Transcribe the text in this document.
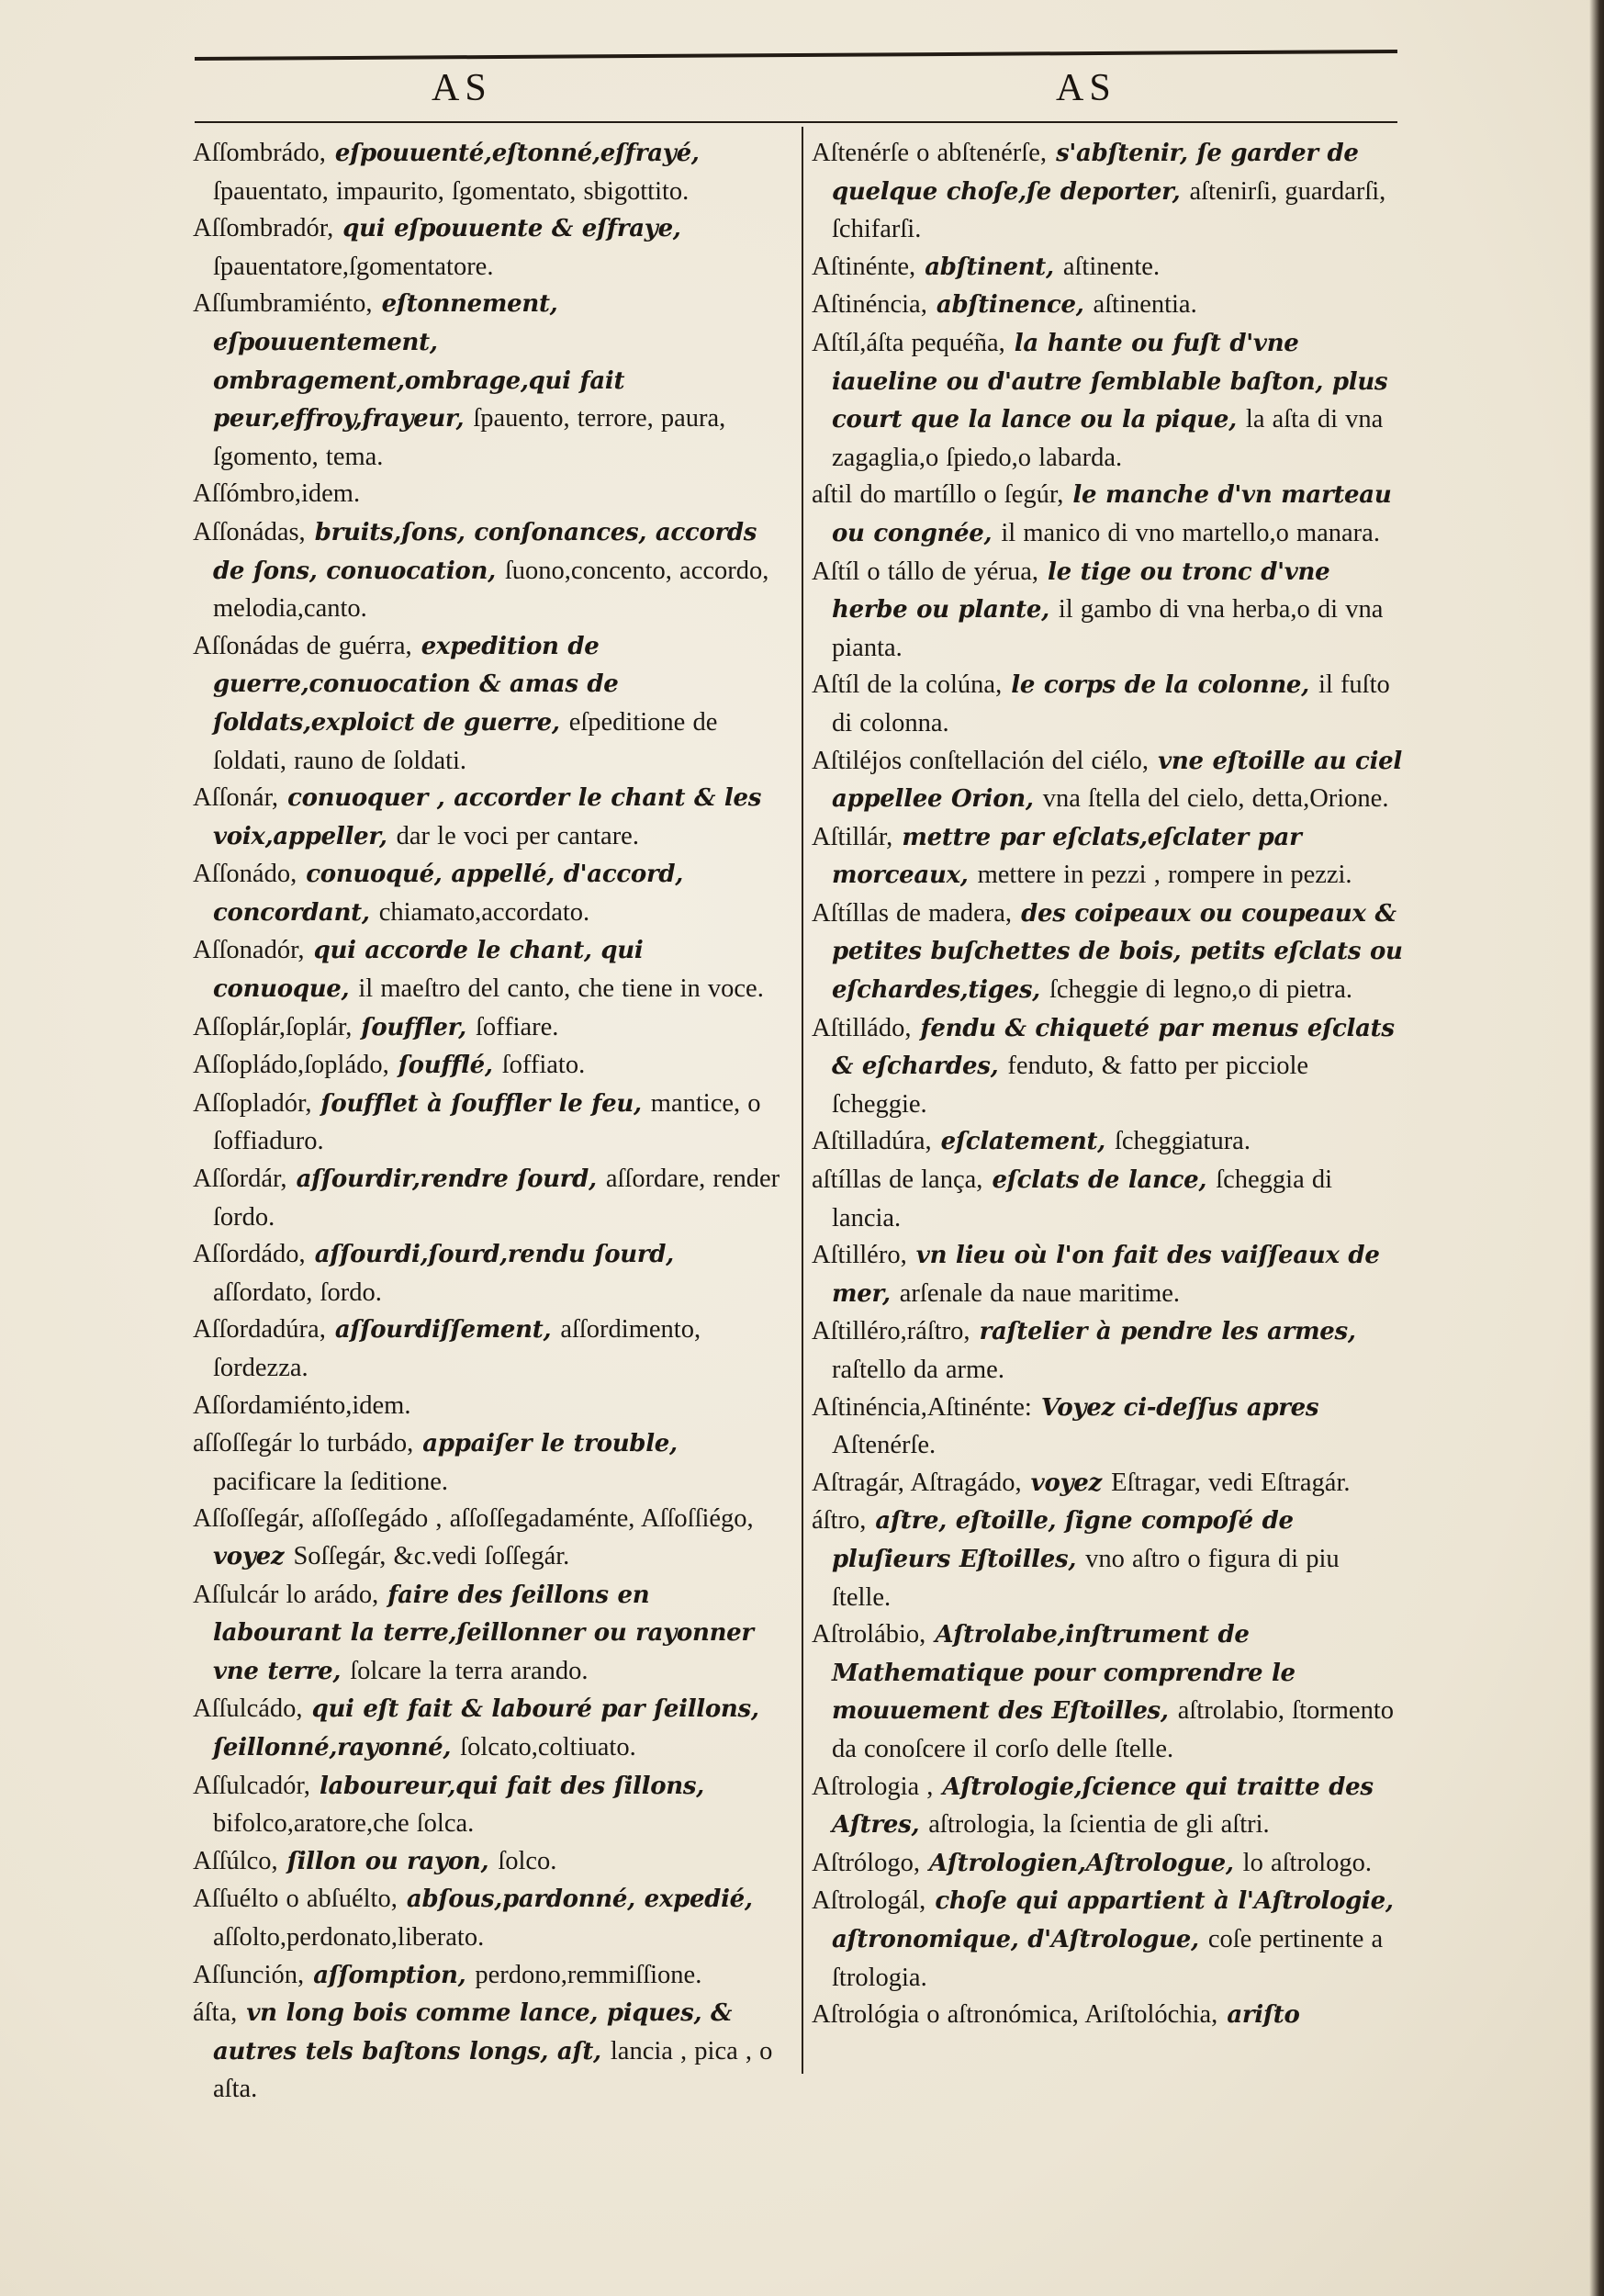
AS	AS

Aſſombrádo, eſpouuenté,eſtonné,eſfrayé, ſpauentato, impaurito, ſgomentato, sbigottito.

Aſſombradór, qui eſpouuente & eſfraye, ſpauentatore,ſgomentatore.

Aſſumbramiénto, eſtonnement, eſpouuentement, ombragement,ombrage,qui fait peur,effroy,frayeur, ſpauento, terrore, paura, ſgomento, tema.

Aſſómbro,idem.

Aſſonádas, bruits,ſons, conſonances, accords de ſons, conuocation, ſuono,concento, accordo, melodia,canto.

Aſſonádas de guérra, expedition de guerre,conuocation & amas de ſoldats,exploict de guerre, eſpeditione de ſoldati, rauno de ſoldati.

Aſſonár, conuoquer , accorder le chant & les voix,appeller, dar le voci per cantare.

Aſſonádo, conuoqué, appellé, d'accord, concordant, chiamato,accordato.

Aſſonadór, qui accorde le chant, qui conuoque, il maeſtro del canto, che tiene in voce.

Aſſoplár,ſoplár, ſouffler, ſoffiare.

Aſſopládo,ſopládo, ſoufflé, ſoffiato.

Aſſopladór, ſoufflet à ſouffler le feu, mantice, o ſoffiaduro.

Aſſordár, aſſourdir,rendre ſourd, aſſordare, render ſordo.

Aſſordádo, aſſourdi,ſourd,rendu ſourd, aſſordato, ſordo.

Aſſordadúra, aſſourdiſſement, aſſordimento, ſordezza.

Aſſordamiénto,idem.

aſſoſſegár lo turbádo, appaiſer le trouble, pacificare la ſeditione.

Aſſoſſegár, aſſoſſegádo , aſſoſſegadaménte, Aſſoſſiégo, voyez Soſſegár, &c.vedi ſoſſegár.

Aſſulcár lo arádo, faire des ſeillons en labourant la terre,ſeillonner ou rayonner vne terre, ſolcare la terra arando.

Aſſulcádo, qui eſt fait & labouré par ſeillons, ſeillonné,rayonné, ſolcato,coltiuato.

Aſſulcadór, laboureur,qui fait des ſillons, bifolco,aratore,che ſolca.

Aſſúlco, ſillon ou rayon, ſolco.

Aſſuélto o abſuélto, abſous,pardonné, expedié, aſſolto,perdonato,liberato.

Aſſunción, aſſomption, perdono,remmiſſione.

áſta, vn long bois comme lance, piques, & autres tels baſtons longs, aſt, lancia , pica , o aſta.

Aſtenérſe o abſtenérſe, s'abſtenir, ſe garder de quelque choſe,ſe deporter, aſtenirſi, guardarſi, ſchifarſi.

Aſtinénte, abſtinent, aſtinente.

Aſtinéncia, abſtinence, aſtinentia.

Aſtíl,áſta pequéña, la hante ou fuſt d'vne iaueline ou d'autre ſemblable baſton, plus court que la lance ou la pique, la aſta di vna zagaglia,o ſpiedo,o labarda.

aſtil do martíllo o ſegúr, le manche d'vn marteau ou congnée, il manico di vno martello,o manara.

Aſtíl o tállo de yérua, le tige ou tronc d'vne herbe ou plante, il gambo di vna herba,o di vna pianta.

Aſtíl de la colúna, le corps de la colonne, il fuſto di colonna.

Aſtiléjos conſtellación del ciélo, vne eſtoille au ciel appellee Orion, vna ſtella del cielo, detta,Orione.

Aſtillár, mettre par eſclats,eſclater par morceaux, mettere in pezzi , rompere in pezzi.

Aſtíllas de madera, des coipeaux ou coupeaux & petites buſchettes de bois, petits eſclats ou eſchardes,tiges, ſcheggie di legno,o di pietra.

Aſtilládo, fendu & chiqueté par menus eſclats & eſchardes, fenduto, & fatto per picciole ſcheggie.

Aſtilladúra, eſclatement, ſcheggiatura.

aſtíllas de lança, eſclats de lance, ſcheggia di lancia.

Aſtilléro, vn lieu où l'on fait des vaiſſeaux de mer, arſenale da naue maritime.

Aſtilléro,ráſtro, raſtelier à pendre les armes, raſtello da arme.

Aſtinéncia,Aſtinénte: Voyez ci-deſſus apres Aſtenérſe.

Aſtragár, Aſtragádo, voyez Eſtragar, vedi Eſtragár.

áſtro, aſtre, eſtoille, ſigne compoſé de pluſieurs Eſtoilles, vno aſtro o figura di piu ſtelle.

Aſtrolábio, Aſtrolabe,inſtrument de Mathematique pour comprendre le mouuement des Eſtoilles, aſtrolabio, ſtormento da conoſcere il corſo delle ſtelle.

Aſtrologia , Aſtrologie,ſcience qui traitte des Aſtres, aſtrologia, la ſcientia de gli aſtri.

Aſtrólogo, Aſtrologien,Aſtrologue, lo aſtrologo.

Aſtrologál, choſe qui appartient à l'Aſtrologie, aſtronomique, d'Aſtrologue, coſe pertinente a ſtrologia.

Aſtrológia o aſtronómica, Ariſtolóchia, ariſto
